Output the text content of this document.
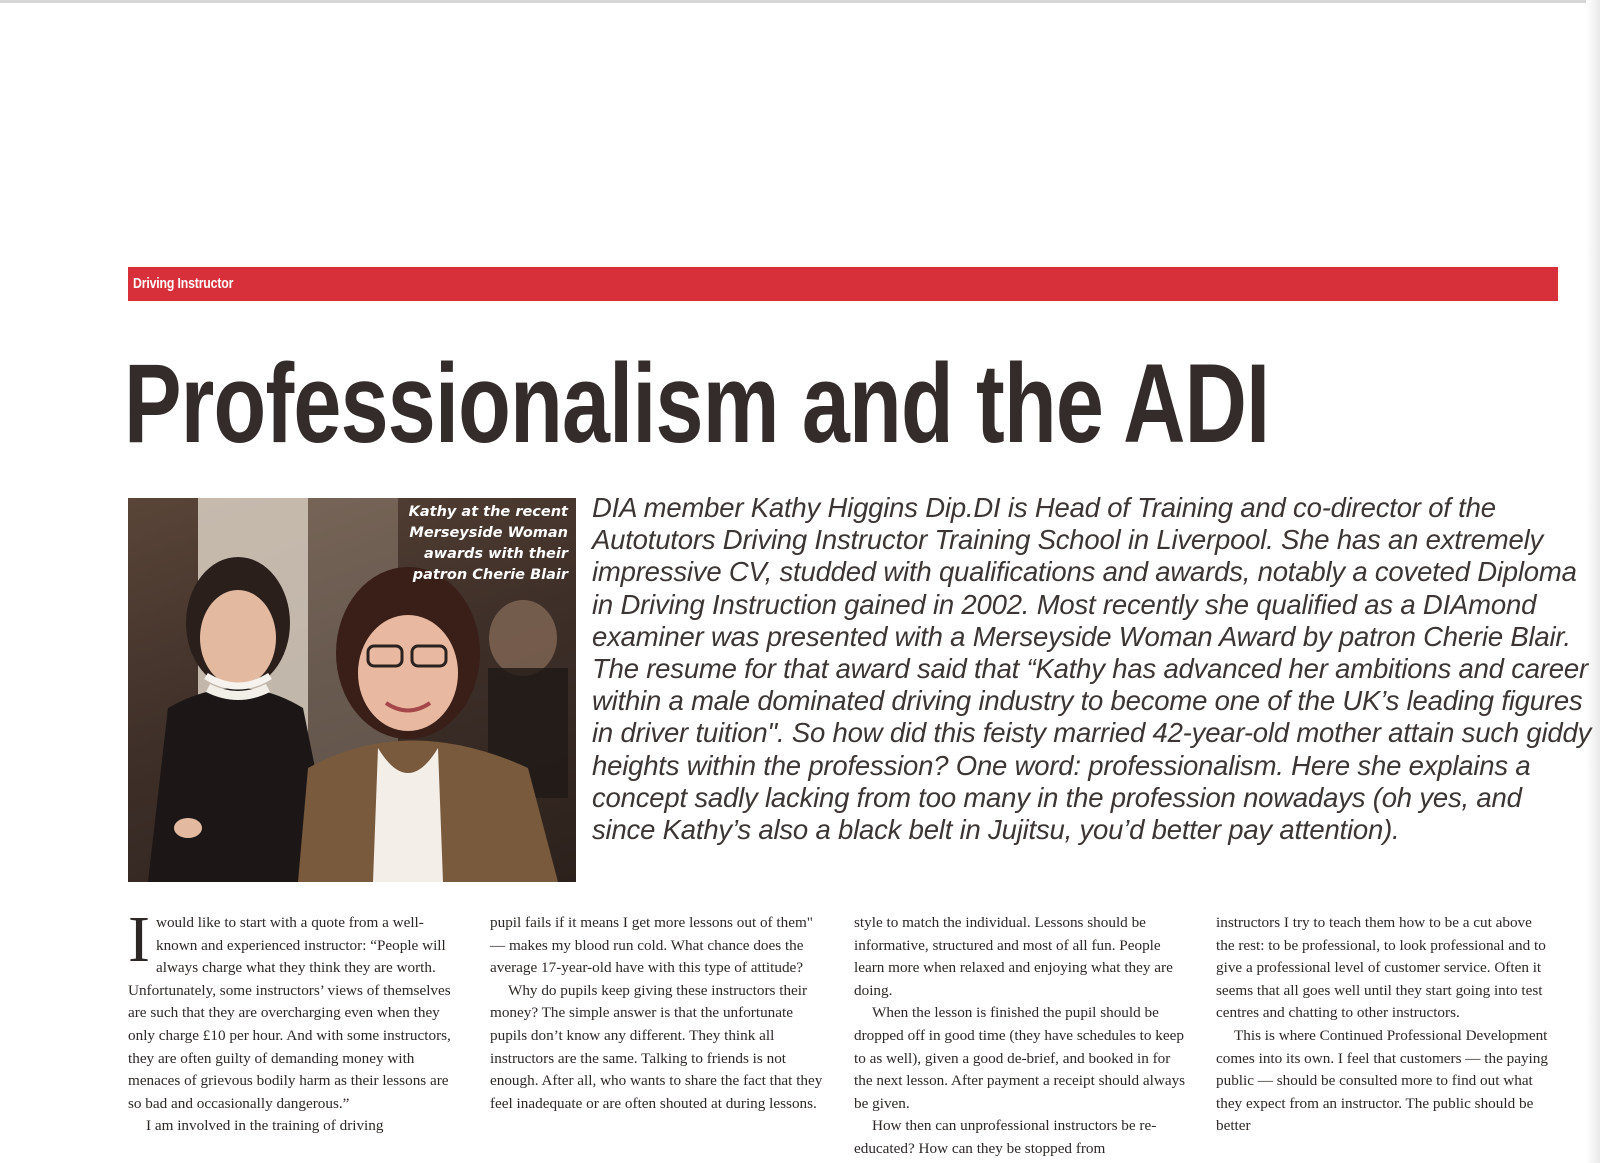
Driving Instructor
Professionalism and the ADI
Kathy at the recent Merseyside Woman awards with their patron Cherie Blair
DIA member Kathy Higgins Dip.DI is Head of Training and co-director of the Autotutors Driving Instructor Training School in Liverpool. She has an extremely impressive CV, studded with qualifications and awards, notably a coveted Diploma in Driving Instruction gained in 2002. Most recently she qualified as a DIAmond examiner was presented with a Merseyside Woman Award by patron Cherie Blair. The resume for that award said that “Kathy has advanced her ambitions and career within a male dominated driving industry to become one of the UK’s leading figures in driver tuition". So how did this feisty married 42-year-old mother attain such giddy heights within the profession? One word: professionalism. Here she explains a concept sadly lacking from too many in the profession nowadays (oh yes, and since Kathy’s also a black belt in Jujitsu, you’d better pay attention).

I would like to start with a quote from a well-known and experienced instructor: “People will always charge what they think they are worth. Unfortunately, some instructors’ views of themselves are such that they are overcharging even when they only charge £10 per hour. And with some instructors, they are often guilty of demanding money with menaces of grievous bodily harm as their lessons are so bad and occasionally dangerous.”

I am involved in the training of driving

pupil fails if it means I get more lessons out of them" — makes my blood run cold. What chance does the average 17-year-old have with this type of attitude?

Why do pupils keep giving these instructors their money? The simple answer is that the unfortunate pupils don’t know any different. They think all instructors are the same. Talking to friends is not enough. After all, who wants to share the fact that they feel inadequate or are often shouted at during lessons.

style to match the individual. Lessons should be informative, structured and most of all fun. People learn more when relaxed and enjoying what they are doing.

When the lesson is finished the pupil should be dropped off in good time (they have schedules to keep to as well), given a good de-brief, and booked in for the next lesson. After payment a receipt should always be given.

How then can unprofessional instructors be re-educated? How can they be stopped from

instructors I try to teach them how to be a cut above the rest: to be professional, to look professional and to give a professional level of customer service. Often it seems that all goes well until they start going into test centres and chatting to other instructors.

This is where Continued Professional Development comes into its own. I feel that customers — the paying public — should be consulted more to find out what they expect from an instructor. The public should be better
